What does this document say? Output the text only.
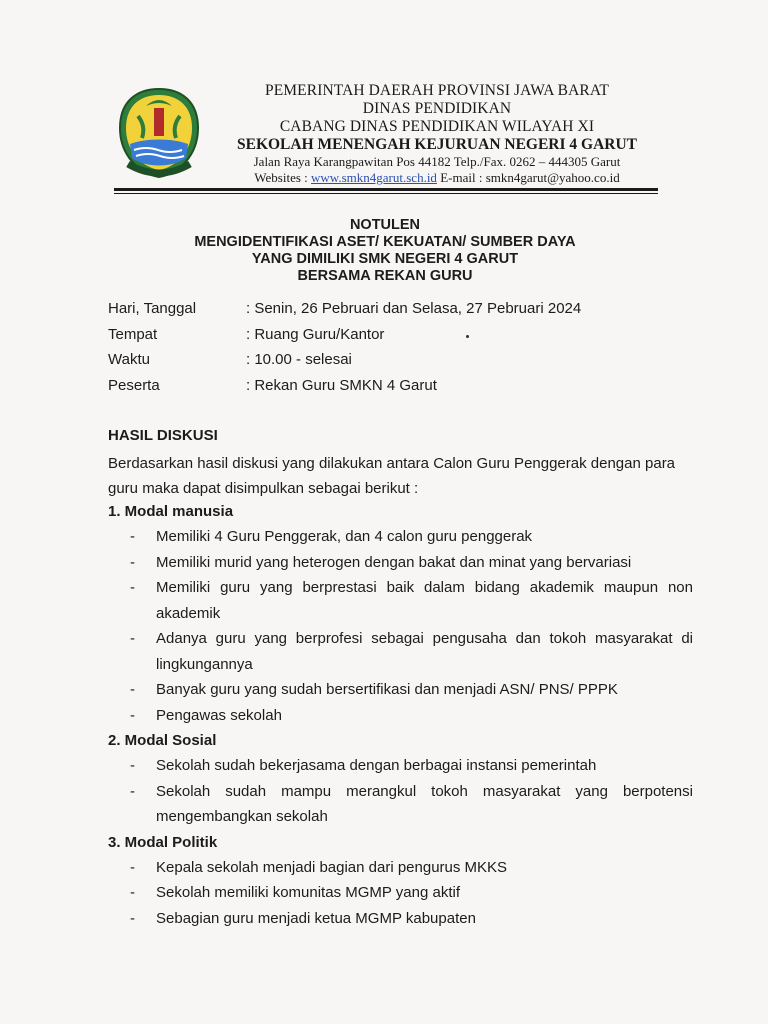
PEMERINTAH DAERAH PROVINSI JAWA BARAT
DINAS PENDIDIKAN
CABANG DINAS PENDIDIKAN WILAYAH XI
SEKOLAH MENENGAH KEJURUAN NEGERI 4 GARUT
Jalan Raya Karangpawitan Pos 44182 Telp./Fax. 0262 – 444305 Garut
Websites : www.smkn4garut.sch.id E-mail : smkn4garut@yahoo.co.id
NOTULEN
MENGIDENTIFIKASI ASET/ KEKUATAN/ SUMBER DAYA
YANG DIMILIKI SMK NEGERI 4 GARUT
BERSAMA REKAN GURU
Hari, Tanggal	: Senin, 26 Pebruari dan Selasa, 27 Pebruari 2024
Tempat	: Ruang Guru/Kantor
Waktu	: 10.00 - selesai
Peserta	: Rekan Guru SMKN 4 Garut
HASIL DISKUSI
Berdasarkan hasil diskusi yang dilakukan antara Calon Guru Penggerak dengan para
guru maka dapat disimpulkan sebagai berikut :
1. Modal manusia
- Memiliki 4 Guru Penggerak, dan 4 calon guru penggerak
- Memiliki murid yang heterogen dengan bakat dan minat yang bervariasi
- Memiliki guru yang berprestasi baik dalam bidang akademik maupun non akademik
- Adanya guru yang berprofesi sebagai pengusaha dan tokoh masyarakat di lingkungannya
- Banyak guru yang sudah bersertifikasi dan menjadi ASN/ PNS/ PPPK
- Pengawas sekolah
2. Modal Sosial
- Sekolah sudah bekerjasama dengan berbagai instansi pemerintah
- Sekolah sudah mampu merangkul tokoh masyarakat yang berpotensi mengembangkan sekolah
3. Modal Politik
- Kepala sekolah menjadi bagian dari pengurus MKKS
- Sekolah memiliki komunitas MGMP yang aktif
- Sebagian guru menjadi ketua MGMP kabupaten
